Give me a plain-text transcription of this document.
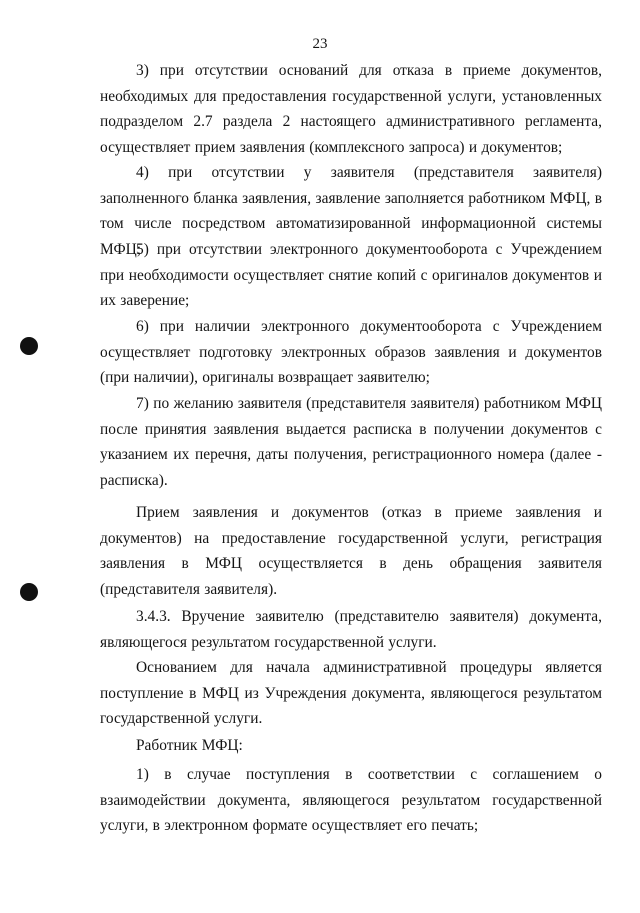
23

3) при отсутствии оснований для отказа в приеме документов, необходимых для предоставления государственной услуги, установленных подразделом 2.7 раздела 2 настоящего административного регламента, осуществляет прием заявления (комплексного запроса) и документов;

4) при отсутствии у заявителя (представителя заявителя) заполненного бланка заявления, заявление заполняется работником МФЦ, в том числе посредством автоматизированной информационной системы МФЦ;

5) при отсутствии электронного документооборота с Учреждением при необходимости осуществляет снятие копий с оригиналов документов и их заверение;

6) при наличии электронного документооборота с Учреждением осуществляет подготовку электронных образов заявления и документов (при наличии), оригиналы возвращает заявителю;

7) по желанию заявителя (представителя заявителя) работником МФЦ после принятия заявления выдается расписка в получении документов с указанием их перечня, даты получения, регистрационного номера (далее - расписка).

Прием заявления и документов (отказ в приеме заявления и документов) на предоставление государственной услуги, регистрация заявления в МФЦ осуществляется в день обращения заявителя (представителя заявителя).

3.4.3. Вручение заявителю (представителю заявителя) документа, являющегося результатом государственной услуги.

Основанием для начала административной процедуры является поступление в МФЦ из Учреждения документа, являющегося результатом государственной услуги.

Работник МФЦ:

1) в случае поступления в соответствии с соглашением о взаимодействии документа, являющегося результатом государственной услуги, в электронном формате осуществляет его печать;
